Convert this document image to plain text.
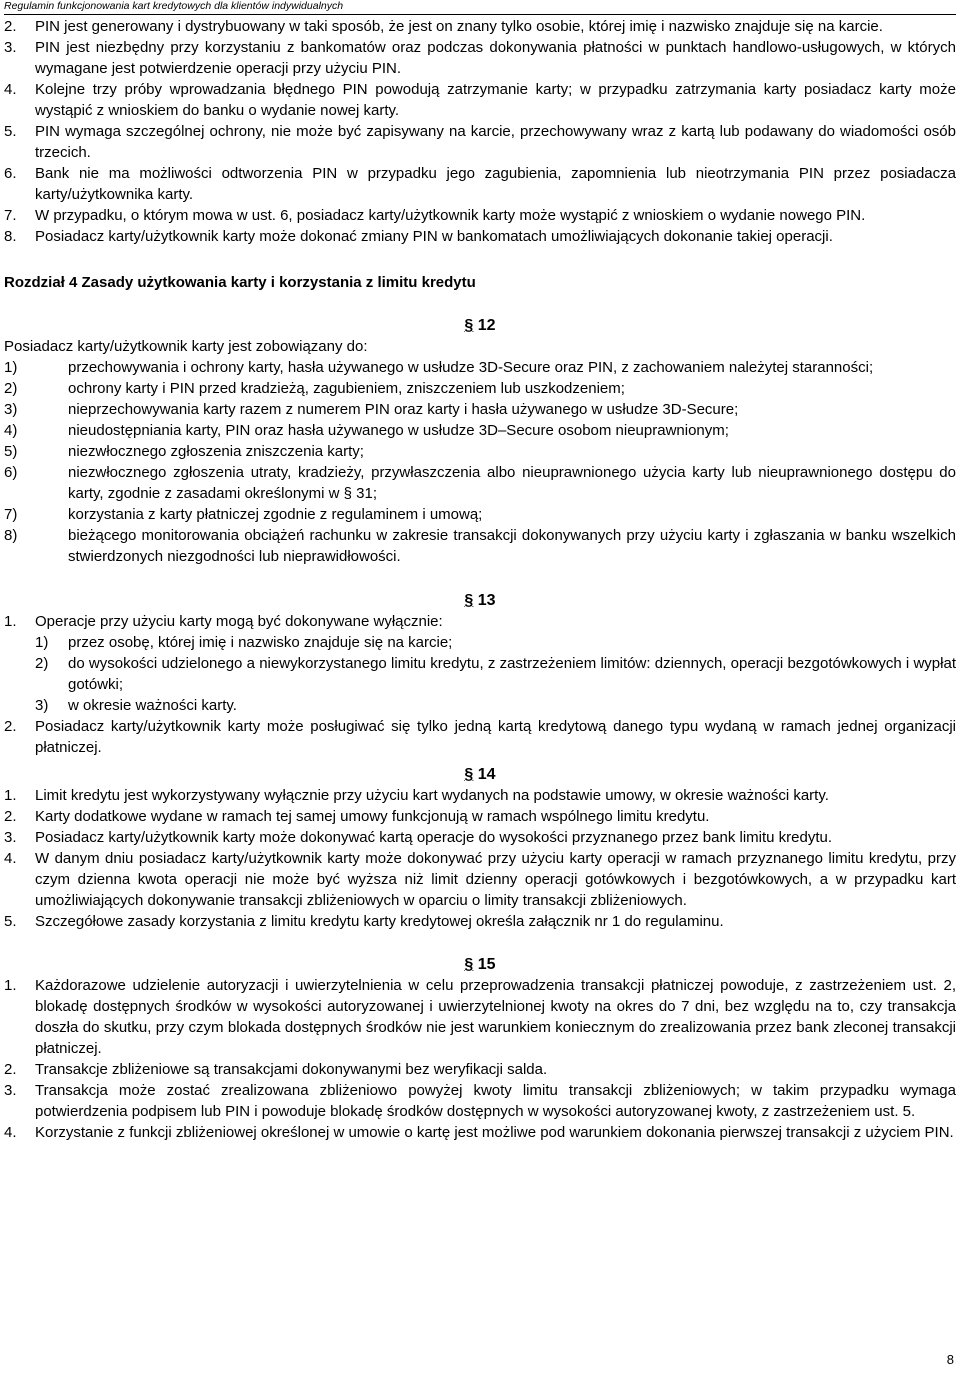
Regulamin funkcjonowania kart kredytowych dla klientów indywidualnych
2.	PIN jest generowany i dystrybuowany w taki sposób, że jest on znany tylko osobie, której imię i nazwisko znajduje się na karcie.
3.	PIN jest niezbędny przy korzystaniu z bankomatów oraz podczas dokonywania płatności w punktach handlowo-usługowych, w których wymagane jest potwierdzenie operacji przy użyciu PIN.
4.	Kolejne trzy próby wprowadzania błędnego PIN powodują zatrzymanie karty; w przypadku zatrzymania karty posiadacz karty może wystąpić z wnioskiem do banku o wydanie nowej karty.
5.	PIN wymaga szczególnej ochrony, nie może być zapisywany na karcie, przechowywany wraz z kartą lub podawany do wiadomości osób trzecich.
6.	Bank nie ma możliwości odtworzenia PIN w przypadku jego zagubienia, zapomnienia lub nieotrzymania PIN przez posiadacza karty/użytkownika karty.
7.	W przypadku, o którym mowa w ust. 6, posiadacz karty/użytkownik karty może wystąpić z wnioskiem o wydanie nowego PIN.
8.	Posiadacz karty/użytkownik karty może dokonać zmiany PIN w bankomatach umożliwiających dokonanie takiej operacji.
Rozdział 4 Zasady użytkowania karty i korzystania z limitu kredytu
§ 12
Posiadacz karty/użytkownik karty jest zobowiązany do:
1)	przechowywania i ochrony karty, hasła używanego w usłudze 3D-Secure oraz PIN, z zachowaniem należytej staranności;
2)	ochrony karty i PIN przed kradzieżą, zagubieniem, zniszczeniem lub uszkodzeniem;
3)	nieprzechowywania karty razem z numerem PIN oraz karty i hasła używanego w usłudze 3D-Secure;
4)	nieudostępniania karty, PIN oraz hasła używanego w usłudze 3D–Secure osobom nieuprawnionym;
5)	niezwłocznego zgłoszenia zniszczenia karty;
6)	niezwłocznego zgłoszenia utraty, kradzieży, przywłaszczenia albo nieuprawnionego użycia karty lub nieuprawnionego dostępu do karty, zgodnie z zasadami określonymi w § 31;
7)	korzystania z karty płatniczej zgodnie z regulaminem i umową;
8)	bieżącego monitorowania obciążeń rachunku w zakresie transakcji dokonywanych przy użyciu karty i zgłaszania w banku wszelkich stwierdzonych niezgodności lub nieprawidłowości.
§ 13
1.	Operacje przy użyciu karty mogą być dokonywane wyłącznie:
1)	przez osobę, której imię i nazwisko znajduje się na karcie;
2)	do wysokości udzielonego a niewykorzystanego limitu kredytu, z zastrzeżeniem limitów: dziennych, operacji bezgotówkowych i wypłat gotówki;
3)	w okresie ważności karty.
2.	Posiadacz karty/użytkownik karty może posługiwać się tylko jedną kartą kredytową danego typu wydaną w ramach jednej organizacji płatniczej.
§ 14
1.	Limit kredytu jest wykorzystywany wyłącznie przy użyciu kart wydanych na podstawie umowy, w okresie ważności karty.
2.	Karty dodatkowe wydane w ramach tej samej umowy funkcjonują w ramach wspólnego limitu kredytu.
3.	Posiadacz karty/użytkownik karty może dokonywać kartą operacje do wysokości przyznanego przez bank limitu kredytu.
4.	W danym dniu posiadacz karty/użytkownik karty może dokonywać przy użyciu karty operacji w ramach przyznanego limitu kredytu, przy czym dzienna kwota operacji nie może być wyższa niż limit dzienny operacji gotówkowych i bezgotówkowych, a w przypadku kart umożliwiających dokonywanie transakcji zbliżeniowych w oparciu o limity transakcji zbliżeniowych.
5.	Szczegółowe zasady korzystania z limitu kredytu karty kredytowej określa załącznik nr 1 do regulaminu.
§ 15
1.	Każdorazowe udzielenie autoryzacji i uwierzytelnienia w celu przeprowadzenia transakcji płatniczej powoduje, z zastrzeżeniem ust. 2, blokadę dostępnych środków w wysokości autoryzowanej i uwierzytelnionej kwoty na okres do 7 dni, bez względu na to, czy transakcja doszła do skutku, przy czym blokada dostępnych środków nie jest warunkiem koniecznym do zrealizowania przez bank zleconej transakcji płatniczej.
2.	Transakcje zbliżeniowe są transakcjami dokonywanymi bez weryfikacji salda.
3.	Transakcja może zostać zrealizowana zbliżeniowo powyżej kwoty limitu transakcji zbliżeniowych; w takim przypadku wymaga potwierdzenia podpisem lub PIN i powoduje blokadę środków dostępnych w wysokości autoryzowanej kwoty, z zastrzeżeniem ust. 5.
4.	Korzystanie z funkcji zbliżeniowej określonej w umowie o kartę jest możliwe pod warunkiem dokonania pierwszej transakcji z użyciem PIN.
8
